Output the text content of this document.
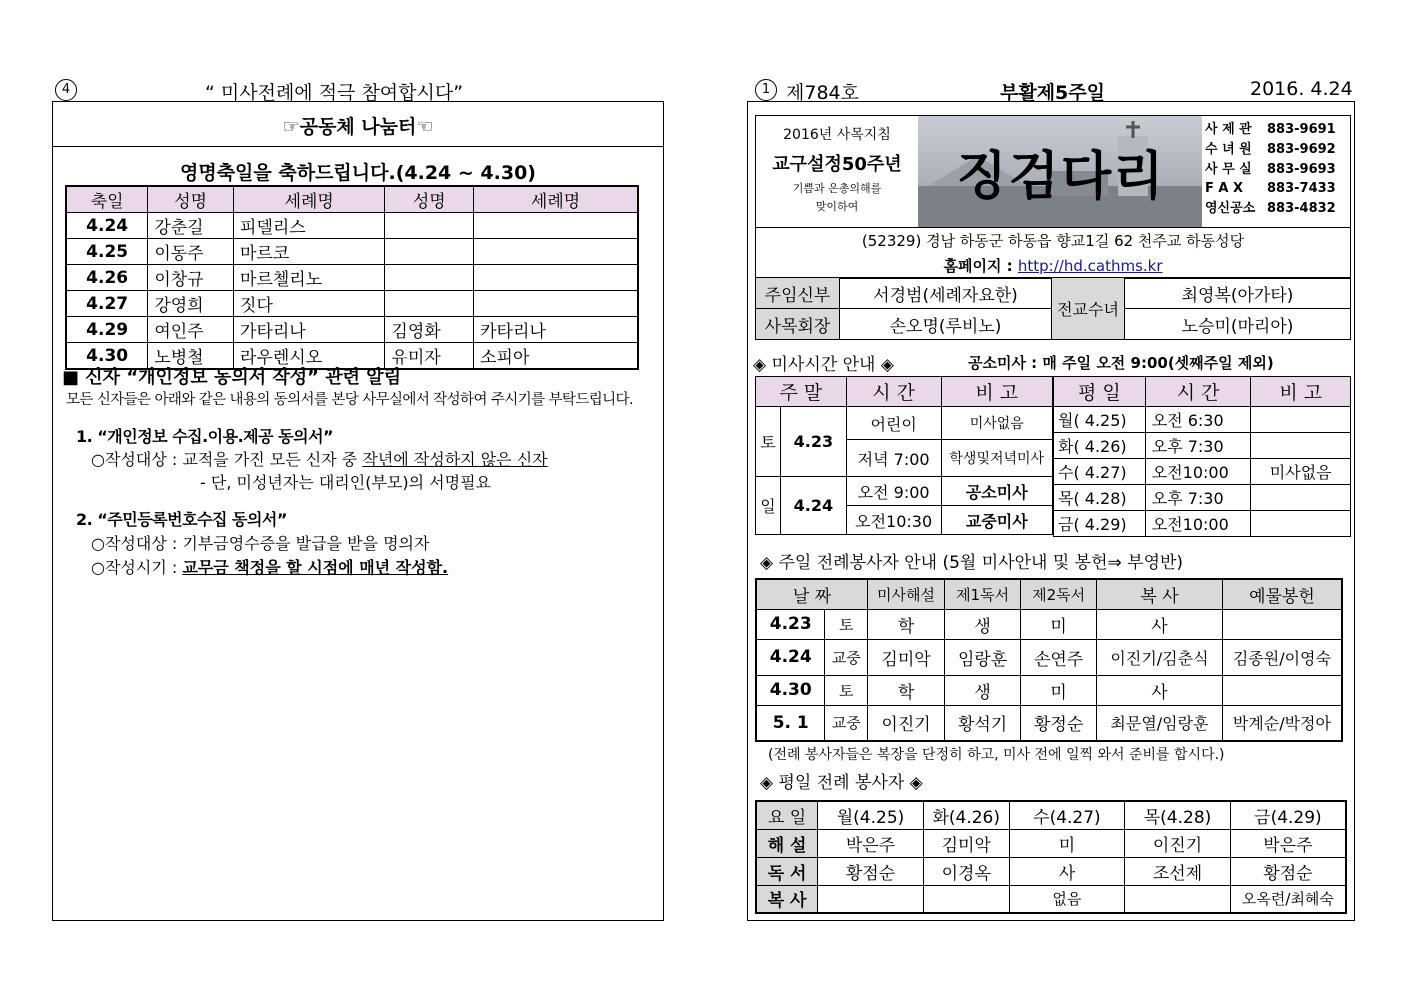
4	“ 미사전례에 적극 참여합시다”
☞공동체 나눔터☜
영명축일을 축하드립니다.(4.24 ~ 4.30)
축일	성명	세례명	성명	세례명
4.24	강춘길	피델리스		
4.25	이동주	마르코		
4.26	이창규	마르첼리노		
4.27	강영희	짓다		
4.29	여인주	가타리나	김영화	카타리나
4.30	노병철	라우렌시오	유미자	소피아
■ 신자 “개인정보 동의서 작성” 관련 알림
모든 신자들은 아래와 같은 내용의 동의서를 본당 사무실에서 작성하여 주시기를 부탁드립니다.
1. “개인정보 수집.이용.제공 동의서”
○작성대상 : 교적을 가진 모든 신자 중 작년에 작성하지 않은 신자
- 단, 미성년자는 대리인(부모)의 서명필요
2. “주민등록번호수집 동의서”
○작성대상 : 기부금영수증을 발급을 받을 명의자
○작성시기 : 교무금 책정을 할 시점에 매년 작성함.
1 제784호	부활제5주일	2016. 4.24
2016년 사목지침
교구설정50주년
기쁨과 은총의해를
맞이하여	징검다리
사 제 관 883-9691
수 녀 원 883-9692
사 무 실 883-9693
F A X 883-7433
영신공소 883-4832
(52329) 경남 하동군 하동읍 향교1길 62 천주교 하동성당
홈페이지 : http://hd.cathms.kr
주임신부	서경범(세례자요한)	전교수녀	최영복(아가타)
사목회장	손오명(루비노)		노승미(마리아)
◈ 미사시간 안내 ◈	공소미사 : 매 주일 오전 9:00(셋째주일 제외)
주 말		시 간	비 고
토	4.23	어린이	미사없음
		저녁 7:00	학생및저녁미사
일	4.24	오전 9:00	공소미사
		오전10:30	교중미사
평 일	시 간	비 고
월( 4.25)	오전 6:30	
화( 4.26)	오후 7:30	
수( 4.27)	오전10:00	미사없음
목( 4.28)	오후 7:30	
금( 4.29)	오전10:00	
◈ 주일 전례봉사자 안내 (5월 미사안내 및 봉헌⇒ 부영반)
날 짜		미사해설	제1독서	제2독서	복 사	예물봉헌
4.23	토	학	생	미	사	
4.24	교중	김미악	임랑훈	손연주	이진기/김춘식	김종원/이영숙
4.30	토	학	생	미	사	
5. 1	교중	이진기	황석기	황정순	최문열/임랑훈	박계순/박정아
(전례 봉사자들은 복장을 단정히 하고, 미사 전에 일찍 와서 준비를 합시다.)
◈ 평일 전례 봉사자 ◈
요 일	월(4.25)	화(4.26)	수(4.27)	목(4.28)	금(4.29)
해 설	박은주	김미악	미	이진기	박은주
독 서	황점순	이경옥	사	조선제	황점순
복 사			없음		오옥련/최혜숙
